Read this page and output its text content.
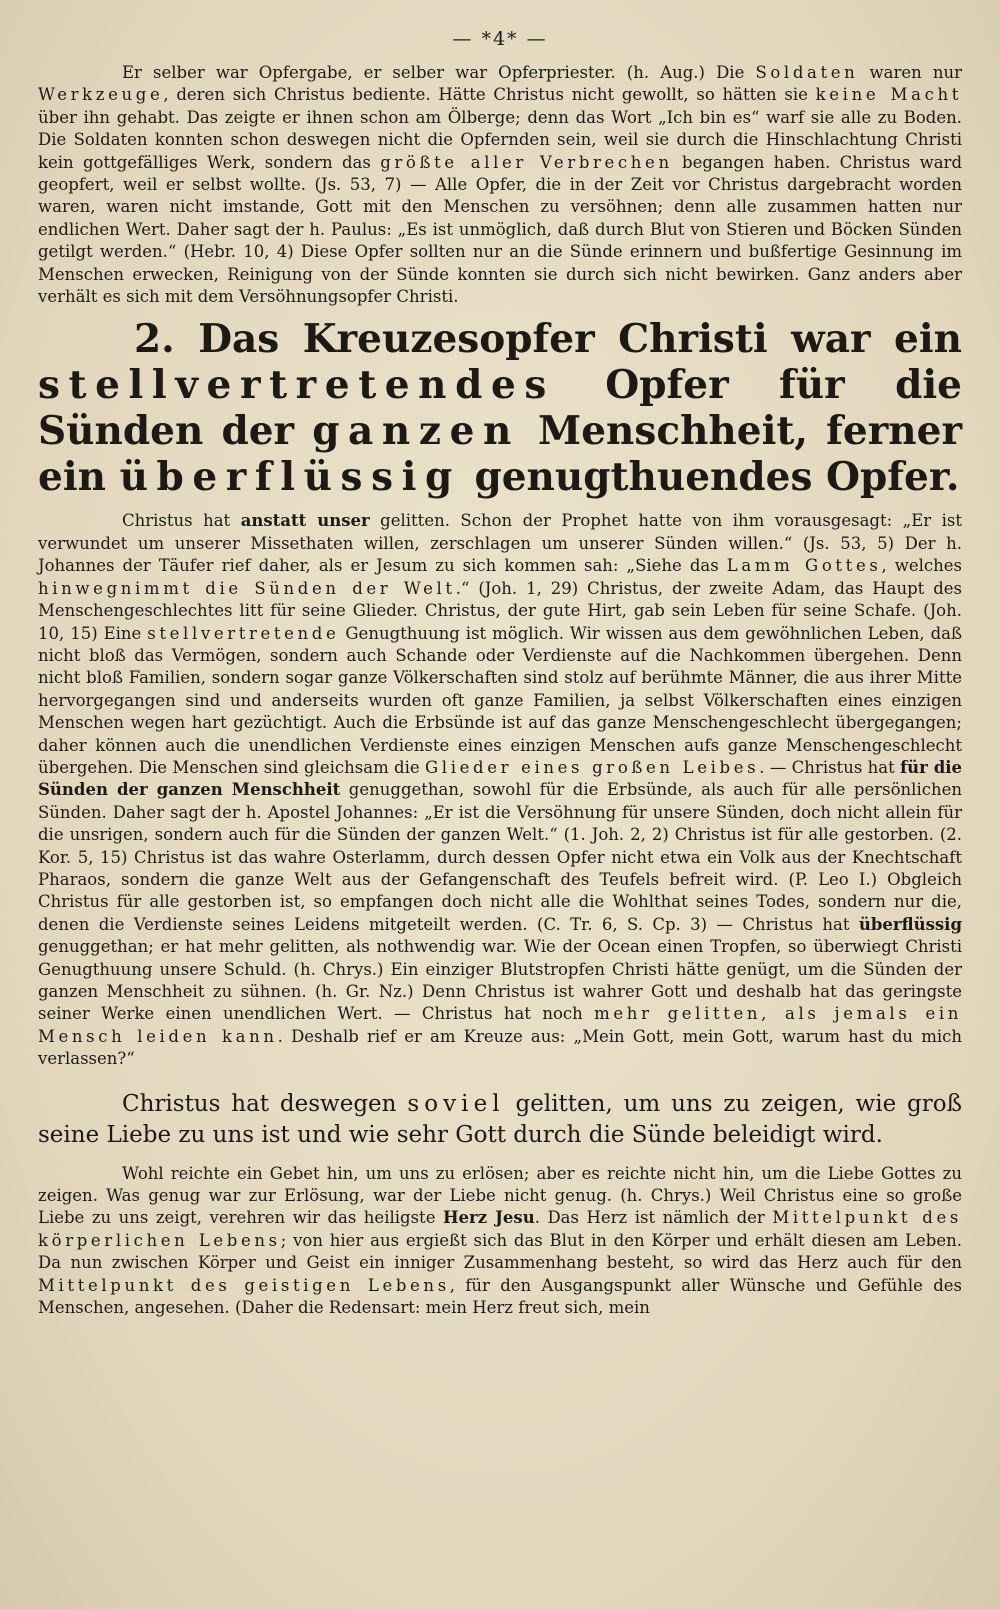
— *4* —

Er selber war Opfergabe, er selber war Opferpriester. (h. Aug.) Die Soldaten waren nur Werkzeuge, deren sich Christus bediente. Hätte Christus nicht gewollt, so hätten sie keine Macht über ihn gehabt. Das zeigte er ihnen schon am Ölberge; denn das Wort „Ich bin es“ warf sie alle zu Boden. Die Soldaten konnten schon deswegen nicht die Opfernden sein, weil sie durch die Hinschlachtung Christi kein gottgefälliges Werk, sondern das größte aller Verbrechen begangen haben. Christus ward geopfert, weil er selbst wollte. (Js. 53, 7) — Alle Opfer, die in der Zeit vor Christus dargebracht worden waren, waren nicht imstande, Gott mit den Menschen zu versöhnen; denn alle zusammen hatten nur endlichen Wert. Daher sagt der h. Paulus: „Es ist unmöglich, daß durch Blut von Stieren und Böcken Sünden getilgt werden.“ (Hebr. 10, 4) Diese Opfer sollten nur an die Sünde erinnern und bußfertige Gesinnung im Menschen erwecken, Reinigung von der Sünde konnten sie durch sich nicht bewirken. Ganz anders aber verhält es sich mit dem Versöhnungsopfer Christi.

2. Das Kreuzesopfer Christi war ein stellvertretendes Opfer für die Sünden der ganzen Menschheit, ferner ein überflüssig genugthuendes Opfer.

Christus hat anstatt unser gelitten. Schon der Prophet hatte von ihm vorausgesagt: „Er ist verwundet um unserer Missethaten willen, zerschlagen um unserer Sünden willen.“ (Js. 53, 5) Der h. Johannes der Täufer rief daher, als er Jesum zu sich kommen sah: „Siehe das Lamm Gottes, welches hinwegnimmt die Sünden der Welt.“ (Joh. 1, 29) Christus, der zweite Adam, das Haupt des Menschengeschlechtes litt für seine Glieder. Christus, der gute Hirt, gab sein Leben für seine Schafe. (Joh. 10, 15) Eine stellvertretende Genugthuung ist möglich. Wir wissen aus dem gewöhnlichen Leben, daß nicht bloß das Vermögen, sondern auch Schande oder Verdienste auf die Nachkommen übergehen. Denn nicht bloß Familien, sondern sogar ganze Völkerschaften sind stolz auf berühmte Männer, die aus ihrer Mitte hervorgegangen sind und anderseits wurden oft ganze Familien, ja selbst Völkerschaften eines einzigen Menschen wegen hart gezüchtigt. Auch die Erbsünde ist auf das ganze Menschengeschlecht übergegangen; daher können auch die unendlichen Verdienste eines einzigen Menschen aufs ganze Menschengeschlecht übergehen. Die Menschen sind gleichsam die Glieder eines großen Leibes. — Christus hat für die Sünden der ganzen Menschheit genuggethan, sowohl für die Erbsünde, als auch für alle persönlichen Sünden. Daher sagt der h. Apostel Johannes: „Er ist die Versöhnung für unsere Sünden, doch nicht allein für die unsrigen, sondern auch für die Sünden der ganzen Welt.“ (1. Joh. 2, 2) Christus ist für alle gestorben. (2. Kor. 5, 15) Christus ist das wahre Osterlamm, durch dessen Opfer nicht etwa ein Volk aus der Knechtschaft Pharaos, sondern die ganze Welt aus der Gefangenschaft des Teufels befreit wird. (P. Leo I.) Obgleich Christus für alle gestorben ist, so empfangen doch nicht alle die Wohlthat seines Todes, sondern nur die, denen die Verdienste seines Leidens mitgeteilt werden. (C. Tr. 6, S. Cp. 3) — Christus hat überflüssig genuggethan; er hat mehr gelitten, als nothwendig war. Wie der Ocean einen Tropfen, so überwiegt Christi Genugthuung unsere Schuld. (h. Chrys.) Ein einziger Blutstropfen Christi hätte genügt, um die Sünden der ganzen Menschheit zu sühnen. (h. Gr. Nz.) Denn Christus ist wahrer Gott und deshalb hat das geringste seiner Werke einen unendlichen Wert. — Christus hat noch mehr gelitten, als jemals ein Mensch leiden kann. Deshalb rief er am Kreuze aus: „Mein Gott, mein Gott, warum hast du mich verlassen?“

Christus hat deswegen soviel gelitten, um uns zu zeigen, wie groß seine Liebe zu uns ist und wie sehr Gott durch die Sünde beleidigt wird.

Wohl reichte ein Gebet hin, um uns zu erlösen; aber es reichte nicht hin, um die Liebe Gottes zu zeigen. Was genug war zur Erlösung, war der Liebe nicht genug. (h. Chrys.) Weil Christus eine so große Liebe zu uns zeigt, verehren wir das heiligste Herz Jesu. Das Herz ist nämlich der Mittelpunkt des körperlichen Lebens; von hier aus ergießt sich das Blut in den Körper und erhält diesen am Leben. Da nun zwischen Körper und Geist ein inniger Zusammenhang besteht, so wird das Herz auch für den Mittelpunkt des geistigen Lebens, für den Ausgangspunkt aller Wünsche und Gefühle des Menschen, angesehen. (Daher die Redensart: mein Herz freut sich, mein
